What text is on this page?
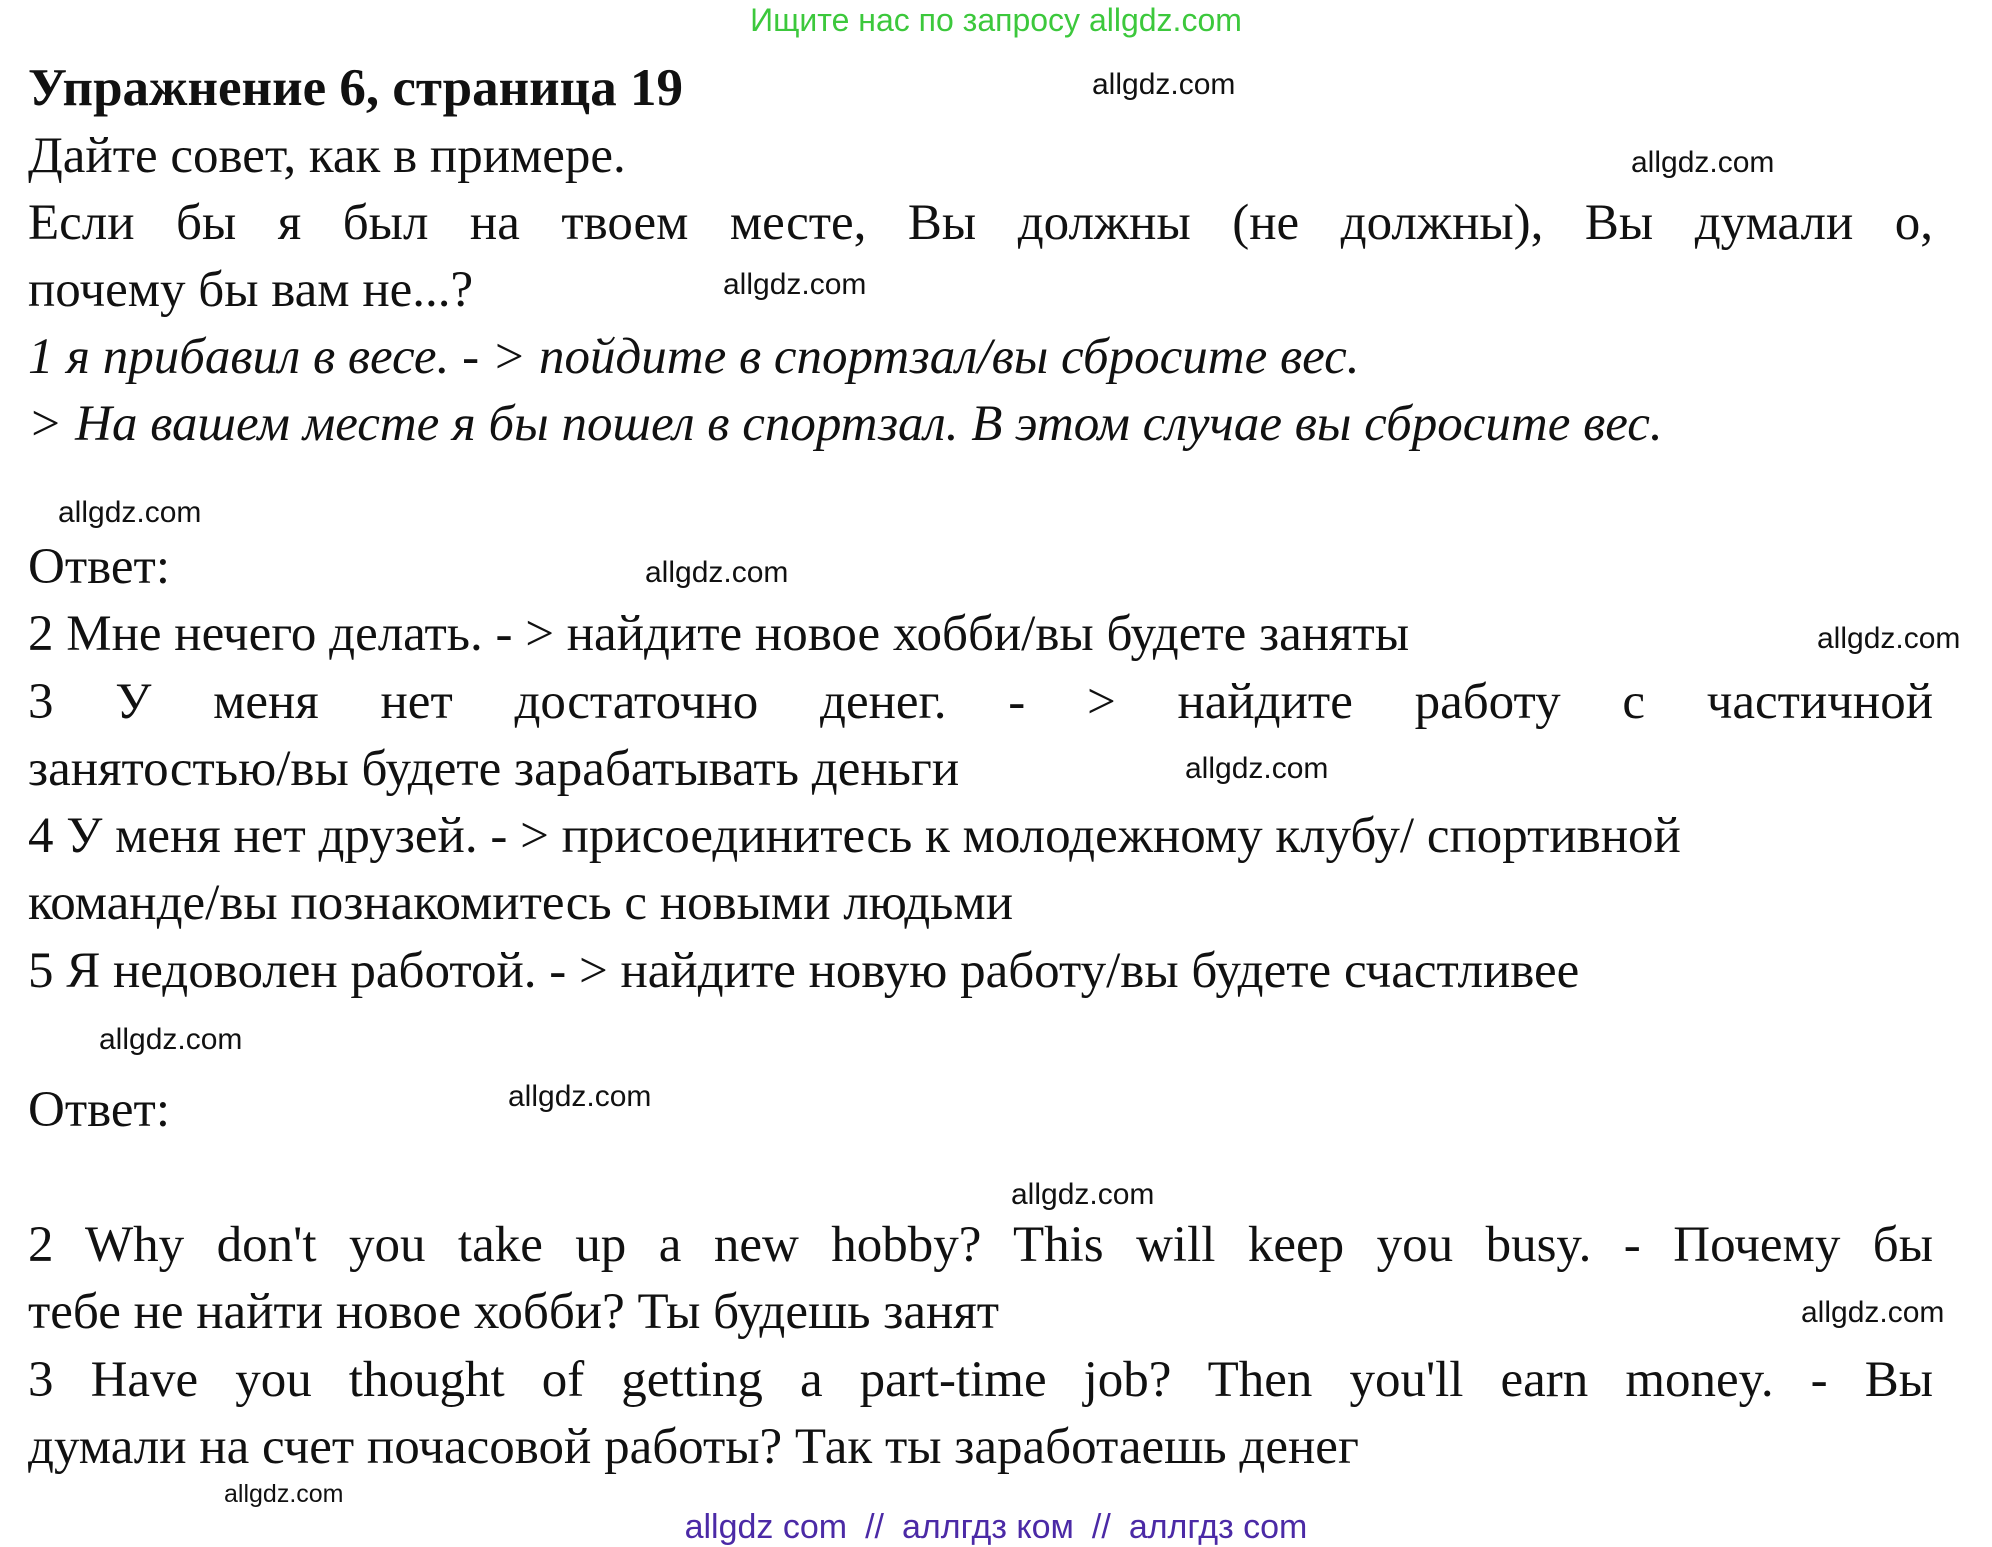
Ищите нас по запросу allgdz.com
Упражнение 6, страница 19
Дайте совет, как в примере.
Если бы я был на твоем месте, Вы должны (не должны), Вы думали о,
почему бы вам не...?
1 я прибавил в весе. - > пойдите в спортзал/вы сбросите вес.
> На вашем месте я бы пошел в спортзал. В этом случае вы сбросите вес.
Ответ:
2 Мне нечего делать. - > найдите новое хобби/вы будете заняты
3 У меня нет достаточно денег. - > найдите работу с частичной
занятостью/вы будете зарабатывать деньги
4 У меня нет друзей. - > присоединитесь к молодежному клубу/ спортивной
команде/вы познакомитесь с новыми людьми
5 Я недоволен работой. - > найдите новую работу/вы будете счастливее
Ответ:
2 Why don't you take up a new hobby? This will keep you busy. - Почему бы
тебе не найти новое хобби? Ты будешь занят
3 Have you thought of getting a part-time job? Then you'll earn money. - Вы
думали на счет почасовой работы? Так ты заработаешь денег
allgdz.com
allgdz.com
allgdz.com
allgdz.com
allgdz.com
allgdz.com
allgdz.com
allgdz.com
allgdz.com
allgdz.com
allgdz.com
allgdz.com
allgdz com // аллгдз ком // аллгдз com
